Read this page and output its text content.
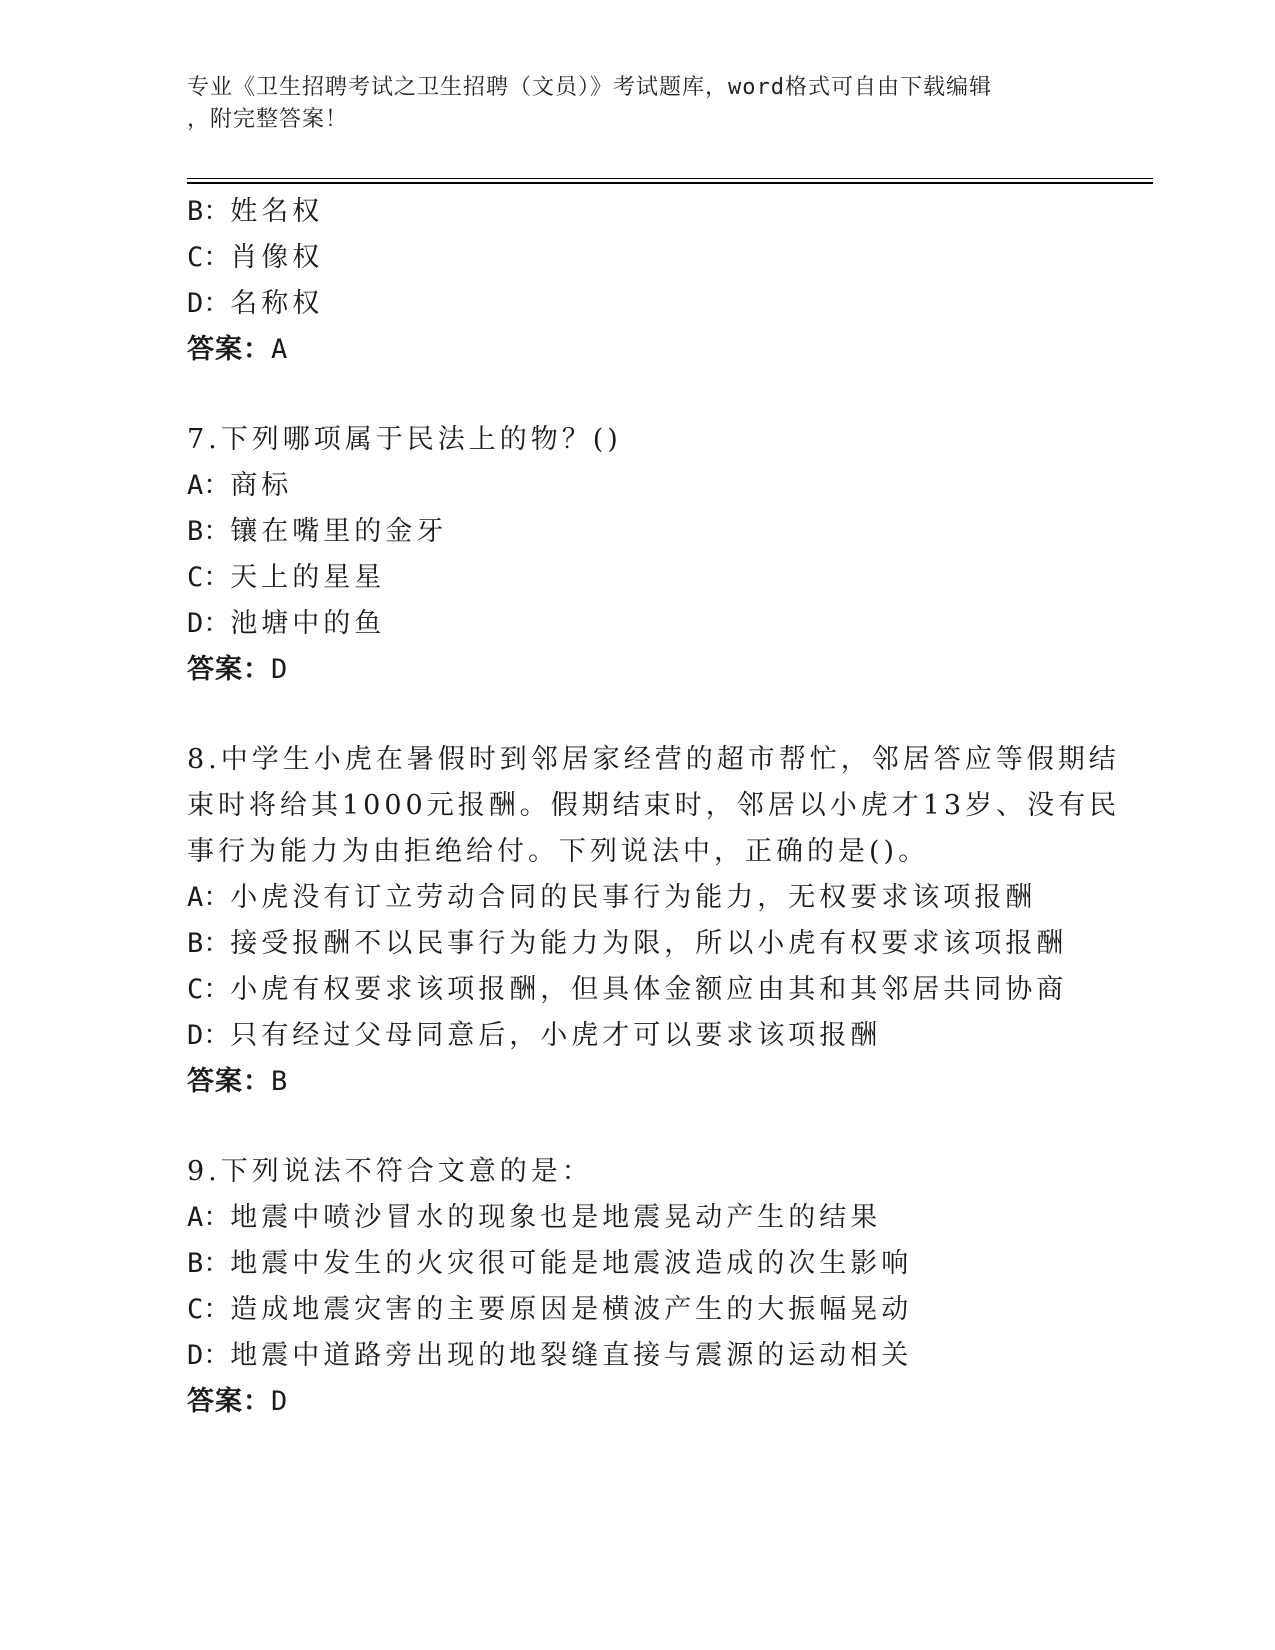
专业《卫生招聘考试之卫生招聘（文员）》考试题库，word格式可自由下载编辑
，附完整答案！
B：姓名权
C：肖像权
D：名称权
答案：A
7.下列哪项属于民法上的物？()
A：商标
B：镶在嘴里的金牙
C：天上的星星
D：池塘中的鱼
答案：D
8.中学生小虎在暑假时到邻居家经营的超市帮忙，邻居答应等假期结
束时将给其1000元报酬。假期结束时，邻居以小虎才13岁、没有民
事行为能力为由拒绝给付。下列说法中，正确的是()。
A：小虎没有订立劳动合同的民事行为能力，无权要求该项报酬
B：接受报酬不以民事行为能力为限，所以小虎有权要求该项报酬
C：小虎有权要求该项报酬，但具体金额应由其和其邻居共同协商
D：只有经过父母同意后，小虎才可以要求该项报酬
答案：B
9.下列说法不符合文意的是：
A：地震中喷沙冒水的现象也是地震晃动产生的结果
B：地震中发生的火灾很可能是地震波造成的次生影响
C：造成地震灾害的主要原因是横波产生的大振幅晃动
D：地震中道路旁出现的地裂缝直接与震源的运动相关
答案：D
